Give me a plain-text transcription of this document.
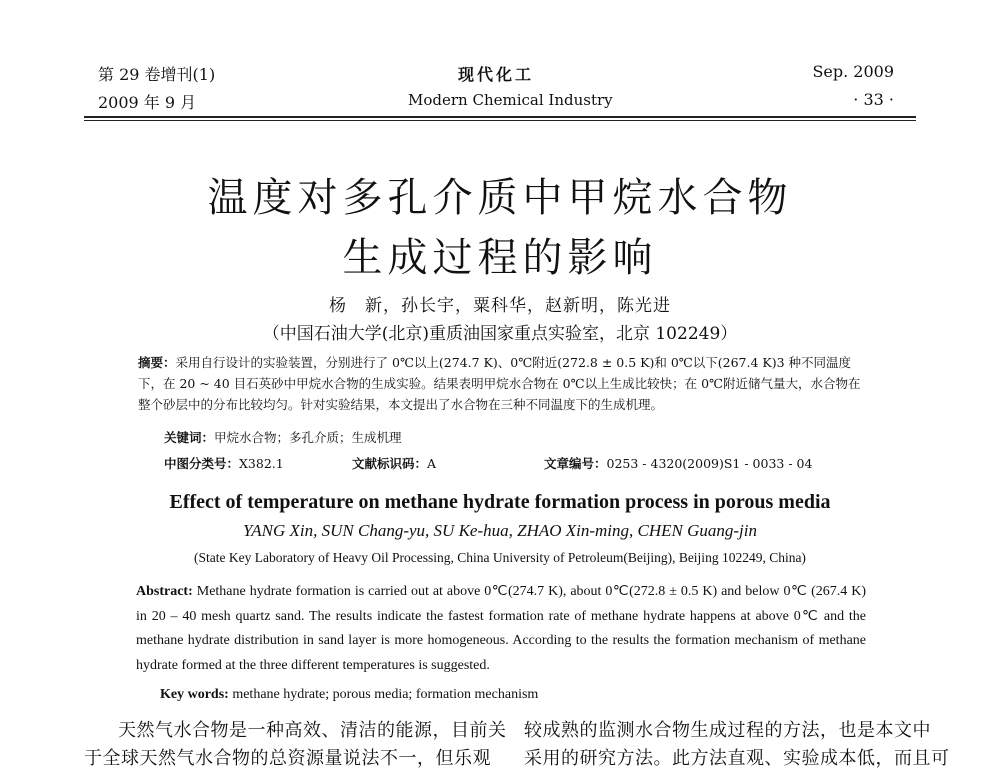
第 29 卷增刊(1)
2009 年 9 月
现代化工
Modern Chemical Industry
Sep. 2009
· 33 ·
温度对多孔介质中甲烷水合物
生成过程的影响
杨　新，孙长宇，粟科华，赵新明，陈光进
（中国石油大学(北京)重质油国家重点实验室，北京 102249）
摘要：采用自行设计的实验装置，分别进行了 0℃以上(274.7 K)、0℃附近(272.8 ± 0.5 K)和 0℃以下(267.4 K)3 种不同温度下，在 20 ~ 40 目石英砂中甲烷水合物的生成实验。结果表明甲烷水合物在 0℃以上生成比较快；在 0℃附近储气量大，水合物在整个砂层中的分布比较均匀。针对实验结果，本文提出了水合物在三种不同温度下的生成机理。
关键词：甲烷水合物；多孔介质；生成机理
中图分类号：X382.1	文献标识码：A	文章编号：0253 - 4320(2009)S1 - 0033 - 04
Effect of temperature on methane hydrate formation process in porous media
YANG Xin, SUN Chang-yu, SU Ke-hua, ZHAO Xin-ming, CHEN Guang-jin
(State Key Laboratory of Heavy Oil Processing, China University of Petroleum(Beijing), Beijing 102249, China)
Abstract: Methane hydrate formation is carried out at above 0℃(274.7 K), about 0℃(272.8 ± 0.5 K) and below 0℃ (267.4 K) in 20 – 40 mesh quartz sand. The results indicate the fastest formation rate of methane hydrate happens at above 0℃ and the methane hydrate distribution in sand layer is more homogeneous. According to the results the formation mechanism of methane hydrate formed at the three different temperatures is suggested.
Key words: methane hydrate; porous media; formation mechanism
天然气水合物是一种高效、清洁的能源，目前关
于全球天然气水合物的总资源量说法不一，但乐观
较成熟的监测水合物生成过程的方法，也是本文中
采用的研究方法。此方法直观、实验成本低，而且可
